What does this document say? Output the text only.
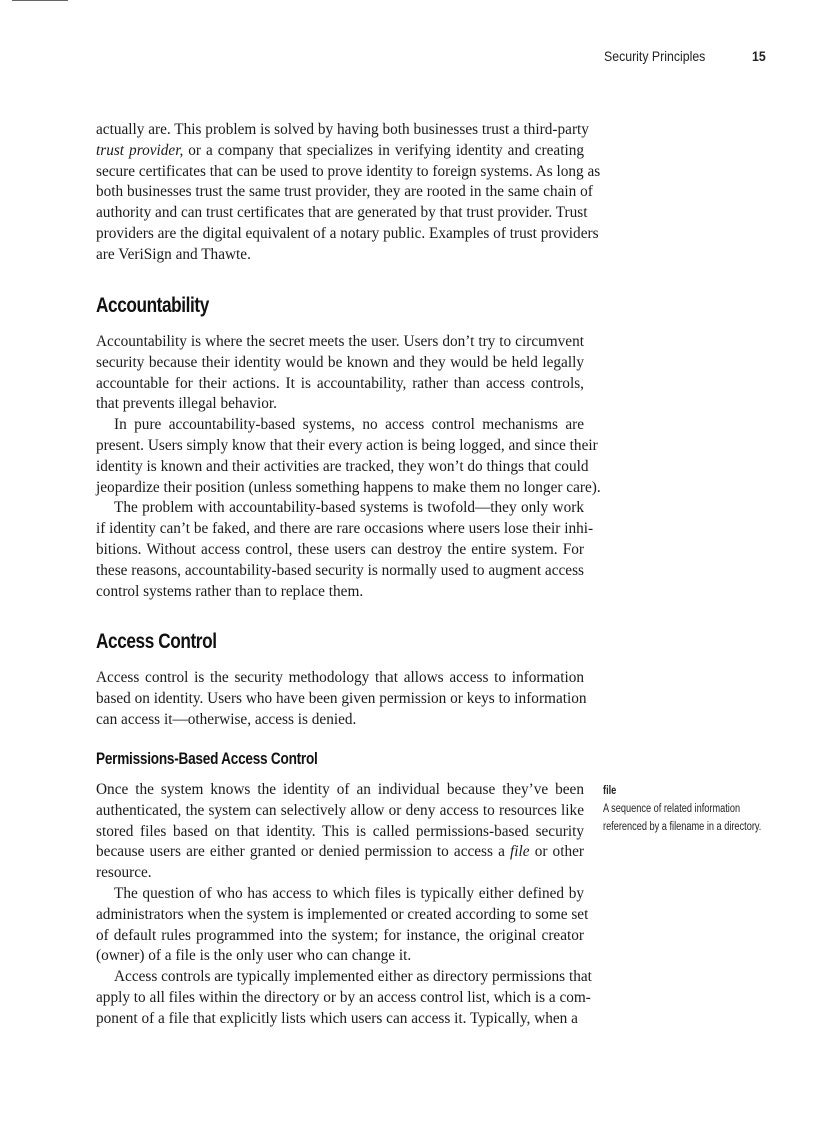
Security Principles	15
actually are. This problem is solved by having both businesses trust a third-party
trust provider, or a company that specializes in verifying identity and creating
secure certificates that can be used to prove identity to foreign systems. As long as
both businesses trust the same trust provider, they are rooted in the same chain of
authority and can trust certificates that are generated by that trust provider. Trust
providers are the digital equivalent of a notary public. Examples of trust providers
are VeriSign and Thawte.
Accountability
Accountability is where the secret meets the user. Users don’t try to circumvent
security because their identity would be known and they would be held legally
accountable for their actions. It is accountability, rather than access controls,
that prevents illegal behavior.
In pure accountability-based systems, no access control mechanisms are
present. Users simply know that their every action is being logged, and since their
identity is known and their activities are tracked, they won’t do things that could
jeopardize their position (unless something happens to make them no longer care).
The problem with accountability-based systems is twofold—they only work
if identity can’t be faked, and there are rare occasions where users lose their inhi-
bitions. Without access control, these users can destroy the entire system. For
these reasons, accountability-based security is normally used to augment access
control systems rather than to replace them.
Access Control
Access control is the security methodology that allows access to information
based on identity. Users who have been given permission or keys to information
can access it—otherwise, access is denied.
Permissions-Based Access Control
Once the system knows the identity of an individual because they’ve been
authenticated, the system can selectively allow or deny access to resources like
stored files based on that identity. This is called permissions-based security
because users are either granted or denied permission to access a file or other
resource.
The question of who has access to which files is typically either defined by
administrators when the system is implemented or created according to some set
of default rules programmed into the system; for instance, the original creator
(owner) of a file is the only user who can change it.
Access controls are typically implemented either as directory permissions that
apply to all files within the directory or by an access control list, which is a com-
ponent of a file that explicitly lists which users can access it. Typically, when a
file
A sequence of related information
referenced by a filename in a directory.
